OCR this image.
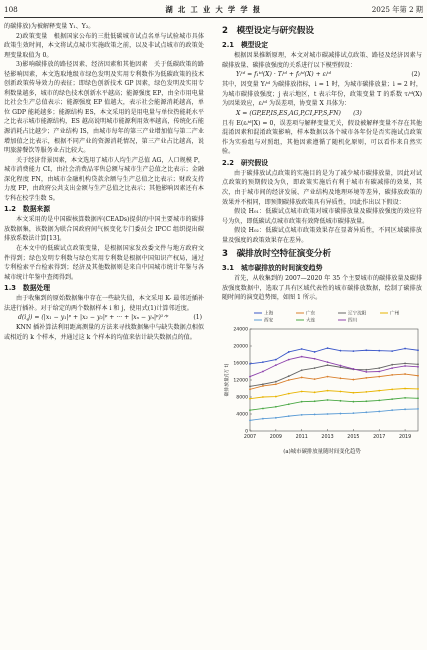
108	湖 北 工 业 大 学 学 报	2025 年第 2 期

的碳排放)为被解释变量 Y₁、Y₂。

2)政策变量　根据国家公布的三批低碳城市试点名单与试验城市具体政策生效时间，本文将试点城市实施政策之前，以及非试点城市的政策处理变量取值为 0。

3)影响碳排放的路径因素、经济因素和其他因素　关于低碳政策的路径影响因素，本文选取地级市绿色发明及实用专利数作为低碳政策的技术创新政策传导效力的表征；即绿色创新技术 GP 因素，绿色发明及实用专利数量越多，城市的绿色技术创新水平越高；能源强度 EP，由全市用电量比社会生产总值表示；能源强度 EP 值越大，表示社会能源消耗越高，单位 GDP 能耗越多；能源结构 ES，本文采用的是用电量与单位热能耗水平之比表示城市能源结构，ES 越高说明城市能源利用效率越高，传统化石能源消耗占比越少；产业结构 IS，由城市每年的第三产业增加值与第二产业增加值之比表示，根据不同产业的资源消耗情况，第三产业占比越高，说明旅游餐饮等服务业占比较大。

关于经济背景因素，本文选用了城市人均生产总值 AG，人口规模 P，城市消费能力 CI，由社会消费品零售总额与城市生产总值之比表示；金融深化程度 FN，由城市金融机构贷款余额与生产总值之比表示；财政支持力度 FP，由政府公共支出金额与生产总值之比表示；其他影响因素还有本专科在校学生数 S。

1.2　数据来源

本文采用的是中国碳核算数据库(CEADs)提供的中国主要城市的碳排放数据集，该数据为联合国政府间气候变化专门委员会 IPCC 组织提出碳排放系数法计算[13]。

在本文中的低碳试点政策变量，是根据国家发改委文件与地方政府文件得到；绿色发明专利数与绿色实用专利数是根据中国知识产权局，通过专利检索平台检索得到；经济及其他数据则是来自中国城市统计年鉴与各城市统计年鉴中查阅得到。

1.3　数据处理

由于收集到的原始数据集中存在一些缺失值，本文采用 K- 最邻近插补法进行插补。对于给定的两个数据样本 i 和 j，使用式(1)计算邻近度。

d(i,j) = (|x₁ − y₁|ᵖ + |x₂ − y₂|ᵖ + ··· + |xₙ − yₙ|ᵖ)¹ᐟᵖ	(1)

KNN 插补算法利用距离测量的方法来寻找数据集中与缺失数据点相似或相近的 k 个样本，并通过这 k 个样本的均值来估计缺失数据点的值。

2　模型设定与研究假设
2.1　模型设定

根据因果推断原理，本文对城市碳减排试点政策、路径及经济因素与碳排放量、碳排放强度的关系进行以下模型假设：

Yᵢᵗᵈ = f₁ᵗᵈ(X) · Tᵢᵗᵈ + f₀ᵗᵈ(X) + εᵢᵗᵈ	(2)

其中，因变量 Yᵢᵗᵈ 为碳排放指标，i = 1 时，为城市碳排放量；i = 2 时，为城市碳排放强度；j 表示地区，t 表示年份，政策变量 T 的系数 τᵢᵗᵈ(X) 为因果效应，εᵢᵗᵈ 为误差项，协变量 X 具体为：

X = (GP,EP,IS,ES,AG,P,CI,FP,S,FN)　　(3)

且有 E(εᵢᵗᵈ|X) = 0，误差项与解释变量无关，假设被解释变量不存在其他混淆因素和混淆政策影响，样本数据以各个城市各年份是否实施试点政策作为实验组与对照组，其他因素遵循了随机化原则，可以看作来自然实验。

2.2　研究假设

由于碳排放试点政策的实施目的是为了减少城市碳排放量，因此对试点政策的预期假设为负，即政策实施后有利于城市有碳减排的效果，其次，由于城市间的经济发展、产业结构及地理环境等差异，碳排放政策的效果并不相同，即预期碳排放政策具有异质性，因此作出以下假设：

假设 H₀₁：低碳试点城市政策对城市碳排放量及碳排放强度的效应符号为负，即低碳试点城市政策有效降低城市碳排放量。

假设 H₀₂：低碳试点城市政策效果存在显著异质性，不同区域碳排放量及强度的政策效果存在差异。

3　碳排放时空特征演变分析
3.1　城市碳排放的时间演变趋势

首先，从收集到的 2007—2020 年 35 个主要城市的碳排放量及碳排放强度数据中，选取了具有区域代表性的城市碳排放数据，绘制了碳排放随时间的演变趋势图，如图 1 所示。

0
4000
8000
12000
16000
20000
24000
2007	2009	2011	2013	2015	2017	2019
碳排放量/(万 t)
上海	广东	辽宁沈阳	广州
西安	大连	四川
(a)城市碳排放量随时间变化趋势
